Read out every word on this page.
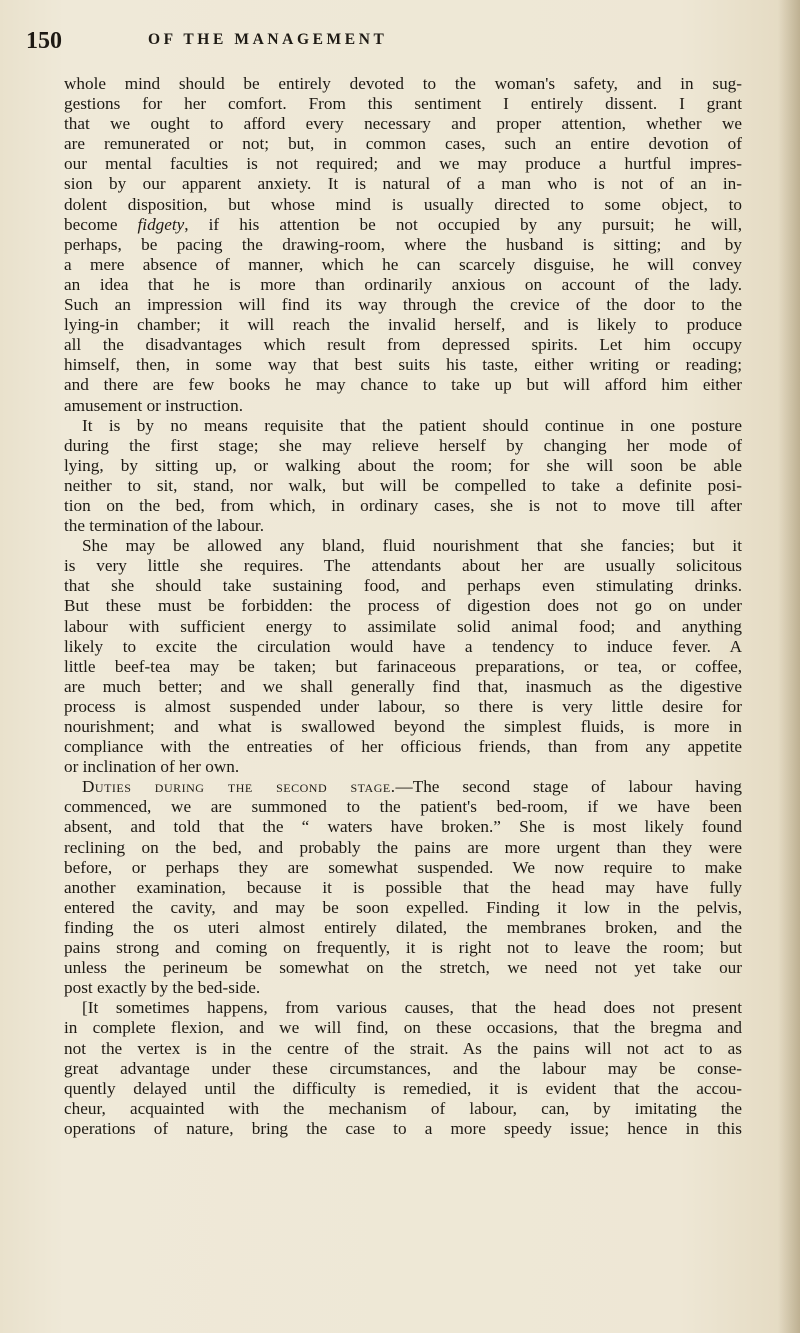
150	OF THE MANAGEMENT

whole mind should be entirely devoted to the woman's safety, and in sug-

gestions for her comfort. From this sentiment I entirely dissent. I grant

that we ought to afford every necessary and proper attention, whether we

are remunerated or not; but, in common cases, such an entire devotion of

our mental faculties is not required; and we may produce a hurtful impres-

sion by our apparent anxiety. It is natural of a man who is not of an in-

dolent disposition, but whose mind is usually directed to some object, to

become fidgety, if his attention be not occupied by any pursuit; he will,

perhaps, be pacing the drawing-room, where the husband is sitting; and by

a mere absence of manner, which he can scarcely disguise, he will convey

an idea that he is more than ordinarily anxious on account of the lady.

Such an impression will find its way through the crevice of the door to the

lying-in chamber; it will reach the invalid herself, and is likely to produce

all the disadvantages which result from depressed spirits. Let him occupy

himself, then, in some way that best suits his taste, either writing or reading;

and there are few books he may chance to take up but will afford him either

amusement or instruction.

It is by no means requisite that the patient should continue in one posture

during the first stage; she may relieve herself by changing her mode of

lying, by sitting up, or walking about the room; for she will soon be able

neither to sit, stand, nor walk, but will be compelled to take a definite posi-

tion on the bed, from which, in ordinary cases, she is not to move till after

the termination of the labour.

She may be allowed any bland, fluid nourishment that she fancies; but it

is very little she requires. The attendants about her are usually solicitous

that she should take sustaining food, and perhaps even stimulating drinks.

But these must be forbidden: the process of digestion does not go on under

labour with sufficient energy to assimilate solid animal food; and anything

likely to excite the circulation would have a tendency to induce fever. A

little beef-tea may be taken; but farinaceous preparations, or tea, or coffee,

are much better; and we shall generally find that, inasmuch as the digestive

process is almost suspended under labour, so there is very little desire for

nourishment; and what is swallowed beyond the simplest fluids, is more in

compliance with the entreaties of her officious friends, than from any appetite

or inclination of her own.

Duties during the second stage.—The second stage of labour having

commenced, we are summoned to the patient's bed-room, if we have been

absent, and told that the “ waters have broken.” She is most likely found

reclining on the bed, and probably the pains are more urgent than they were

before, or perhaps they are somewhat suspended. We now require to make

another examination, because it is possible that the head may have fully

entered the cavity, and may be soon expelled. Finding it low in the pelvis,

finding the os uteri almost entirely dilated, the membranes broken, and the

pains strong and coming on frequently, it is right not to leave the room; but

unless the perineum be somewhat on the stretch, we need not yet take our

post exactly by the bed-side.

[It sometimes happens, from various causes, that the head does not present

in complete flexion, and we will find, on these occasions, that the bregma and

not the vertex is in the centre of the strait. As the pains will not act to as

great advantage under these circumstances, and the labour may be conse-

quently delayed until the difficulty is remedied, it is evident that the accou-

cheur, acquainted with the mechanism of labour, can, by imitating the

operations of nature, bring the case to a more speedy issue; hence in this
